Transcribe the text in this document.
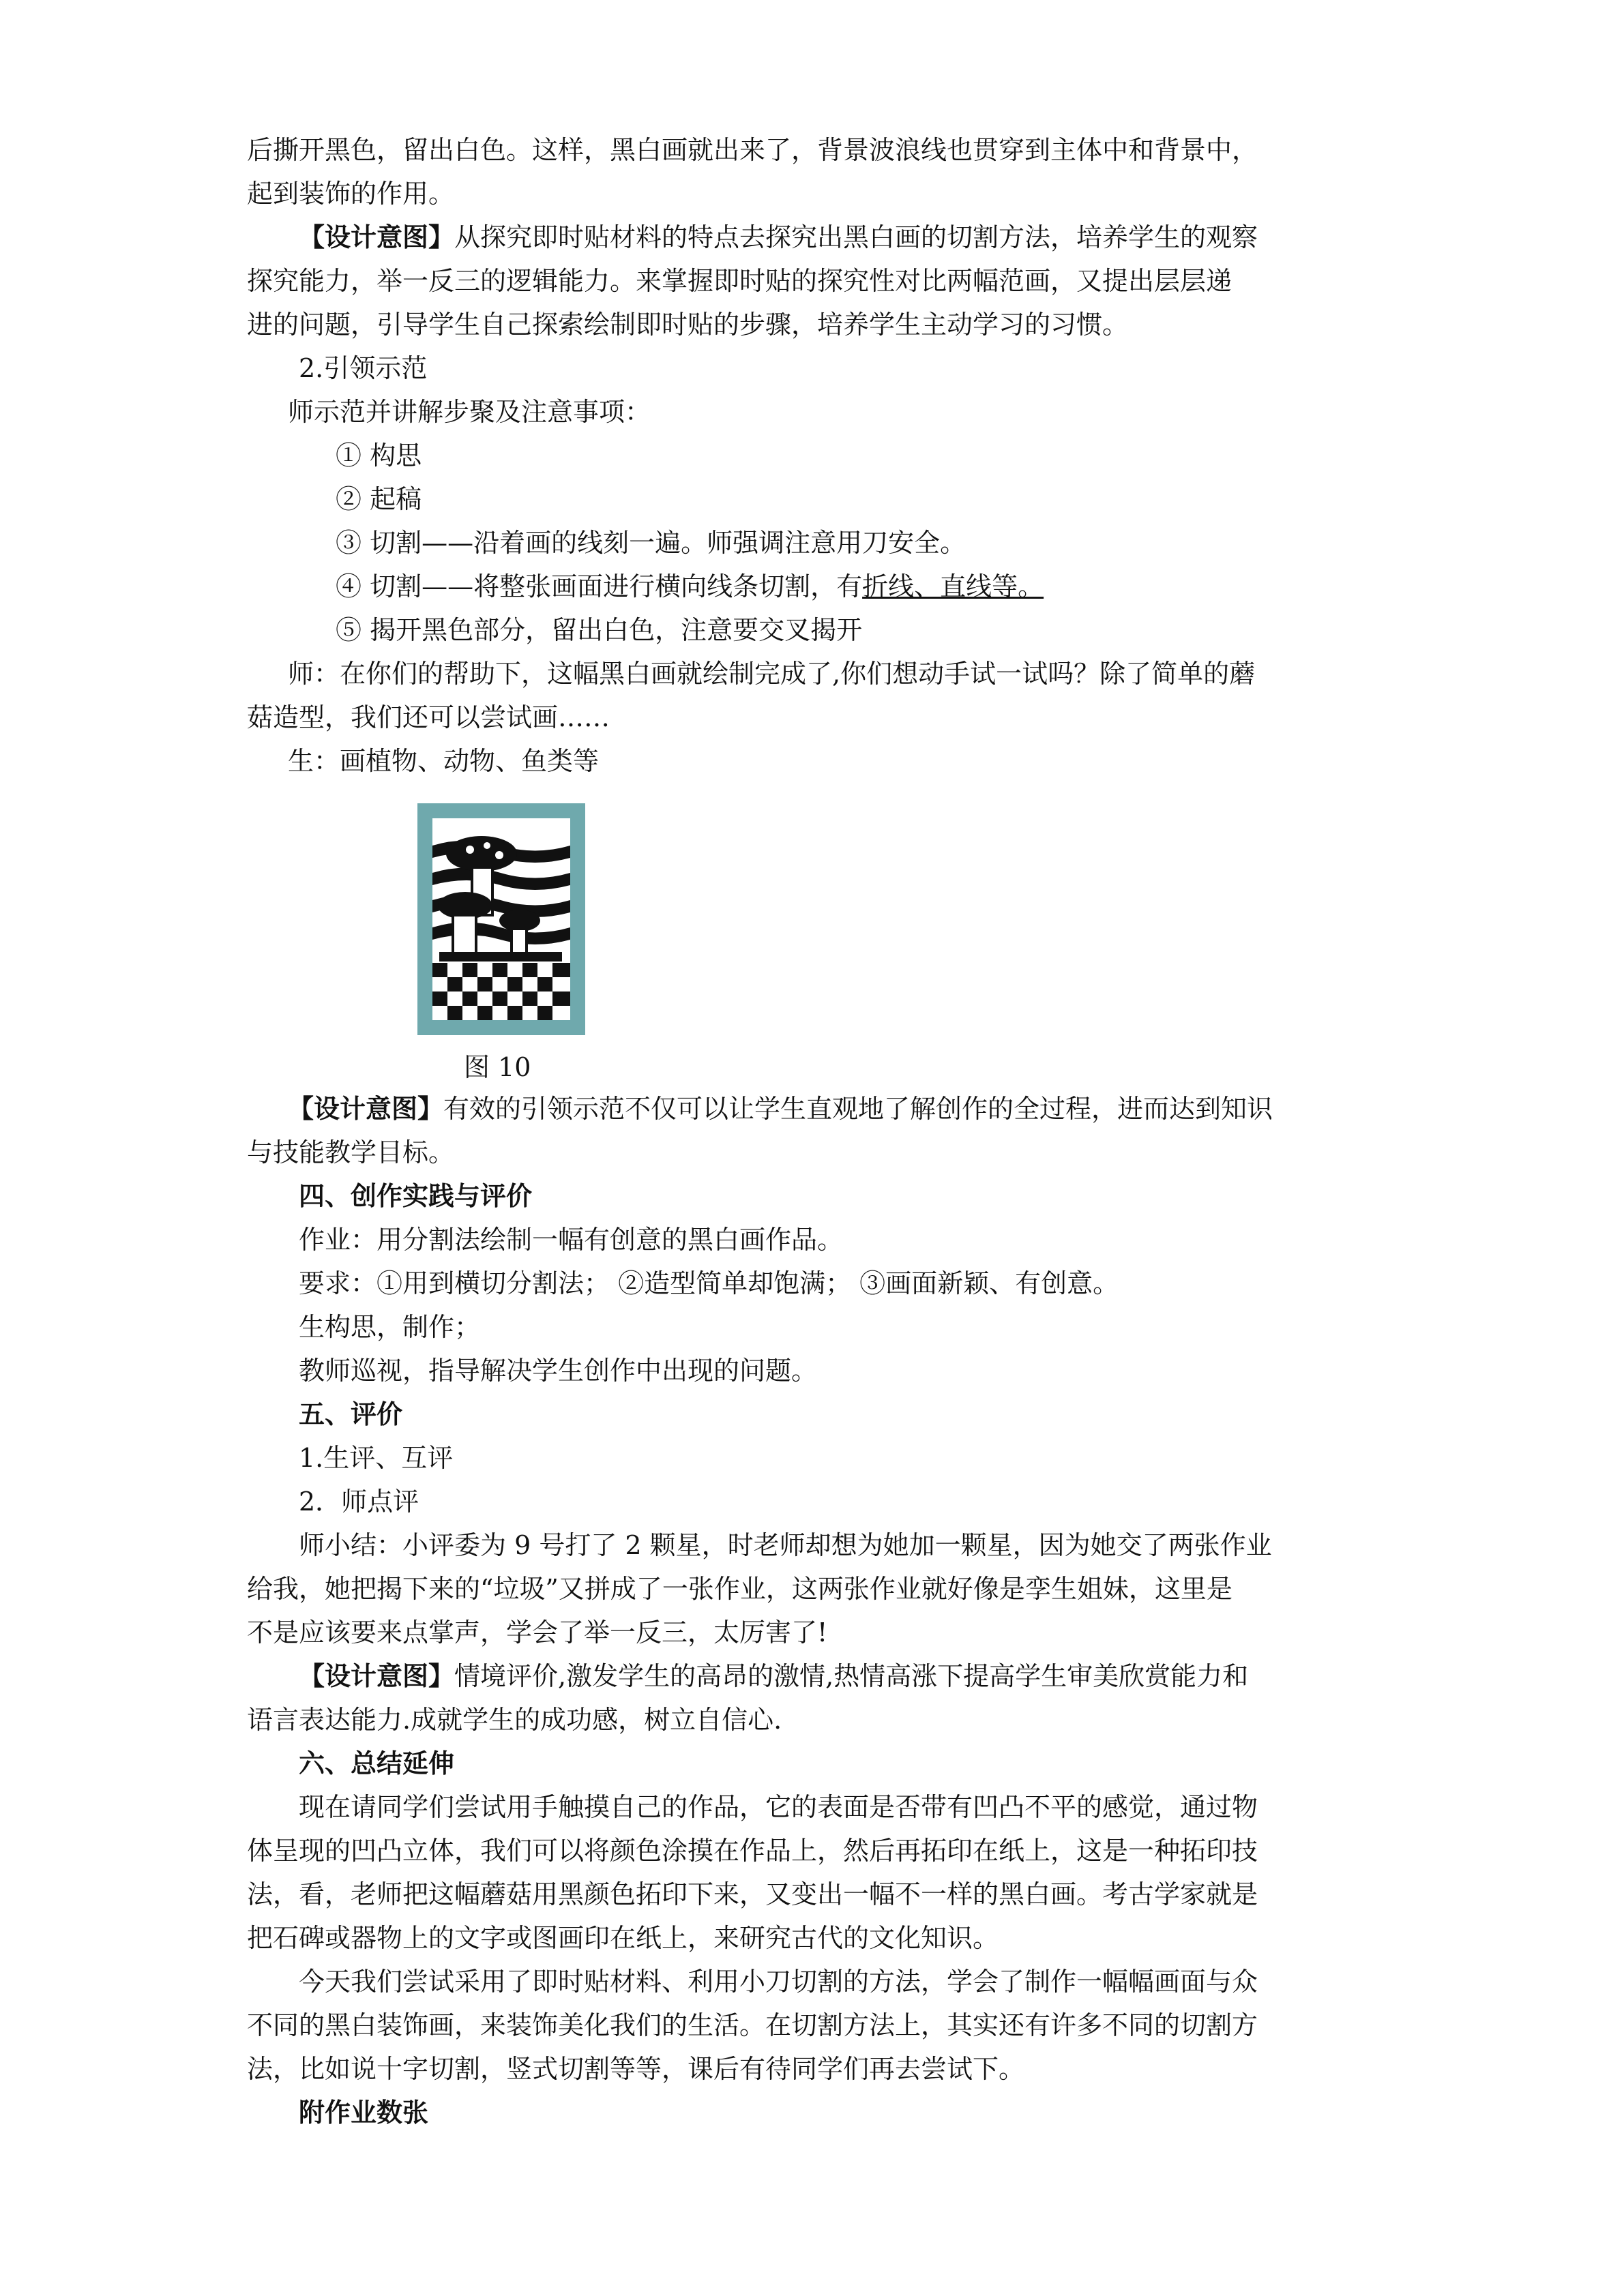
后撕开黑色，留出白色。这样，黑白画就出来了，背景波浪线也贯穿到主体中和背景中，

起到装饰的作用。

【设计意图】从探究即时贴材料的特点去探究出黑白画的切割方法，培养学生的观察

探究能力，举一反三的逻辑能力。来掌握即时贴的探究性对比两幅范画，又提出层层递

进的问题，引导学生自己探索绘制即时贴的步骤，培养学生主动学习的习惯。

2.引领示范

师示范并讲解步聚及注意事项：

① 构思

② 起稿

③ 切割——沿着画的线刻一遍。师强调注意用刀安全。

④ 切割——将整张画面进行横向线条切割，有折线、直线等。

⑤ 揭开黑色部分，留出白色，注意要交叉揭开

师：在你们的帮助下，这幅黑白画就绘制完成了,你们想动手试一试吗？除了简单的蘑

菇造型，我们还可以尝试画……

生：画植物、动物、鱼类等

图 10

【设计意图】有效的引领示范不仅可以让学生直观地了解创作的全过程，进而达到知识

与技能教学目标。

四、创作实践与评价

作业：用分割法绘制一幅有创意的黑白画作品。

要求：①用到横切分割法； ②造型简单却饱满； ③画面新颖、有创意。

生构思，制作；

教师巡视，指导解决学生创作中出现的问题。

五、评价

1.生评、互评

2．师点评

师小结：小评委为 9 号打了 2 颗星，时老师却想为她加一颗星，因为她交了两张作业

给我，她把揭下来的“垃圾”又拼成了一张作业，这两张作业就好像是孪生姐妹，这里是

不是应该要来点掌声，学会了举一反三，太厉害了!

【设计意图】情境评价,激发学生的高昂的激情,热情高涨下提高学生审美欣赏能力和

语言表达能力.成就学生的成功感，树立自信心.

六、总结延伸

现在请同学们尝试用手触摸自己的作品，它的表面是否带有凹凸不平的感觉，通过物

体呈现的凹凸立体，我们可以将颜色涂摸在作品上，然后再拓印在纸上，这是一种拓印技

法，看，老师把这幅蘑菇用黑颜色拓印下来，又变出一幅不一样的黑白画。考古学家就是

把石碑或器物上的文字或图画印在纸上，来研究古代的文化知识。

今天我们尝试采用了即时贴材料、利用小刀切割的方法，学会了制作一幅幅画面与众

不同的黑白装饰画，来装饰美化我们的生活。在切割方法上，其实还有许多不同的切割方

法，比如说十字切割，竖式切割等等，课后有待同学们再去尝试下。

附作业数张
